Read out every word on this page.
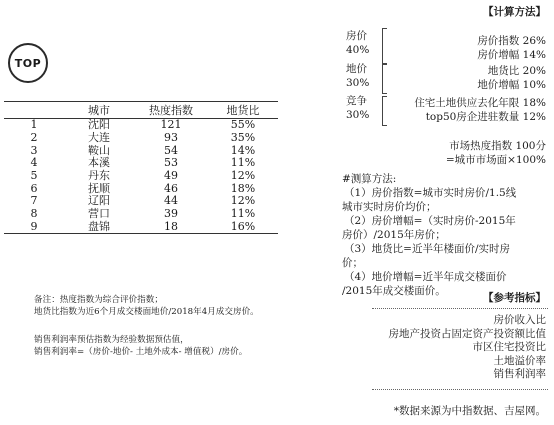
TOP
	城市	热度指数	地货比
1	沈阳	121	55%
2	大连	93	35%
3	鞍山	54	14%
4	本溪	53	11%
5	丹东	49	12%
6	抚顺	46	18%
7	辽阳	44	12%
8	营口	39	11%
9	盘锦	18	16%
备注：热度指数为综合评价指数；
地货比指数为近6个月成交楼面地价/2018年4月成交房价。
销售利润率预估指数为经验数据预估值，
销售利润率=（房价-地价- 土地外成本- 增值税）/房价。
【计算方法】
房价
40%
房价指数 26%
房价增幅 14%
地价
30%
地货比 20%
地价增幅 10%
竞争
30%
住宅土地供应去化年限 18%
top50房企进驻数量 12%
市场热度指数 100分
=城市市场面×100%
#测算方法:
（1）房价指数=城市实时房价/1.5线
城市实时房价均价；
（2）房价增幅=（实时房价-2015年
房价）/2015年房价；
（3）地货比=近半年楼面价/实时房
价；
（4）地价增幅=近半年成交楼面价
/2015年成交楼面价。
【参考指标】
房价收入比
房地产投资占固定资产投资额比值
市区住宅投资比
土地溢价率
销售利润率
*数据来源为中指数据、吉屋网。
